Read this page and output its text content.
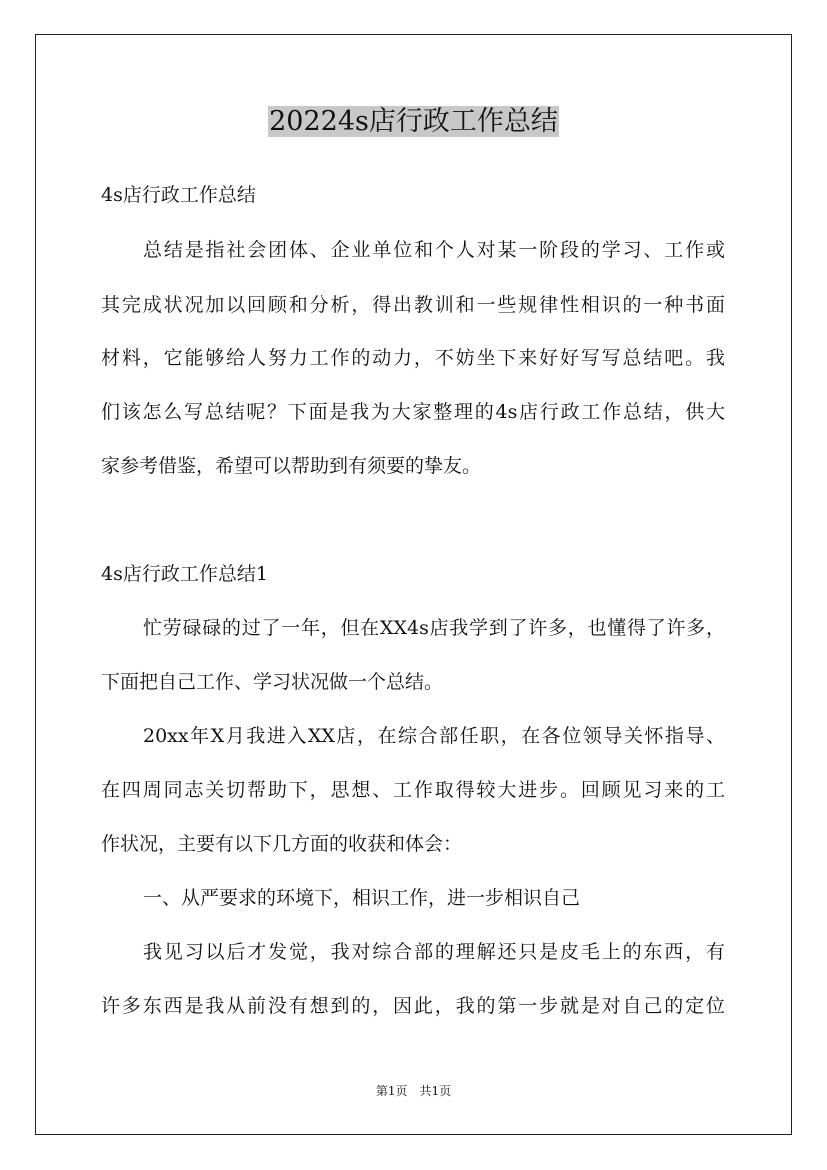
20224s店行政工作总结

4s店行政工作总结

总结是指社会团体、企业单位和个人对某一阶段的学习、工作或

其完成状况加以回顾和分析，得出教训和一些规律性相识的一种书面

材料，它能够给人努力工作的动力，不妨坐下来好好写写总结吧。我

们该怎么写总结呢？下面是我为大家整理的4s店行政工作总结，供大

家参考借鉴，希望可以帮助到有须要的挚友。

4s店行政工作总结1

忙劳碌碌的过了一年，但在XX4s店我学到了许多，也懂得了许多，

下面把自己工作、学习状况做一个总结。

20xx年X月我进入XX店，在综合部任职，在各位领导关怀指导、

在四周同志关切帮助下，思想、工作取得较大进步。回顾见习来的工

作状况，主要有以下几方面的收获和体会：

一、从严要求的环境下，相识工作，进一步相识自己

我见习以后才发觉，我对综合部的理解还只是皮毛上的东西，有

许多东西是我从前没有想到的，因此，我的第一步就是对自己的定位

第1页　共1页
